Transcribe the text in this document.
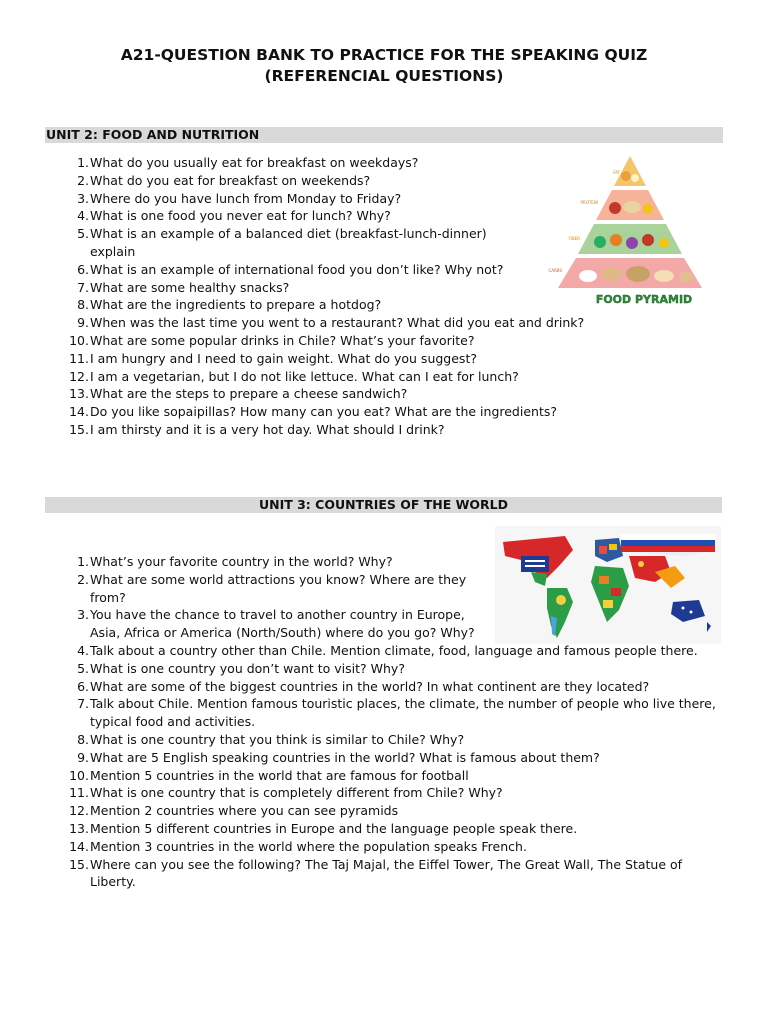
A21-QUESTION BANK TO PRACTICE FOR THE SPEAKING QUIZ
(REFERENCIAL QUESTIONS)
UNIT 2: FOOD AND NUTRITION
1. What do you usually eat for breakfast on weekdays?
2. What do you eat for breakfast on weekends?
3. Where do you have lunch from Monday to Friday?
4. What is one food you never eat for lunch? Why?
5. What is an example of a balanced diet (breakfast-lunch-dinner) explain
6. What is an example of international food you don’t like? Why not?
7. What are some healthy snacks?
8. What are the ingredients to prepare a hotdog?
9. When was the last time you went to a restaurant? What did you eat and drink?
10. What are some popular drinks in Chile? What’s your favorite?
11. I am hungry and I need to gain weight. What do you suggest?
12. I am a vegetarian, but I do not like lettuce. What can I eat for lunch?
13. What are the steps to prepare a cheese sandwich?
14. Do you like sopaipillas? How many can you eat? What are the ingredients?
15. I am thirsty and it is a very hot day. What should I drink?
FAT
PROTEIN
FIBER
CARBS
FOOD PYRAMID
UNIT 3: COUNTRIES OF THE WORLD
1. What’s your favorite country in the world? Why?
2. What are some world attractions you know? Where are they from?
3. You have the chance to travel to another country in Europe, Asia, Africa or America (North/South) where do you go? Why?
4. Talk about a country other than Chile. Mention climate, food, language and famous people there.
5. What is one country you don’t want to visit? Why?
6. What are some of the biggest countries in the world? In what continent are they located?
7. Talk about Chile. Mention famous touristic places, the climate, the number of people who live there, typical food and activities.
8. What is one country that you think is similar to Chile? Why?
9. What are 5 English speaking countries in the world? What is famous about them?
10. Mention 5 countries in the world that are famous for football
11. What is one country that is completely different from Chile? Why?
12. Mention 2 countries where you can see pyramids
13. Mention 5 different countries in Europe and the language people speak there.
14. Mention 3 countries in the world where the population speaks French.
15. Where can you see the following? The Taj Majal, the Eiffel Tower, The Great Wall, The Statue of Liberty.
